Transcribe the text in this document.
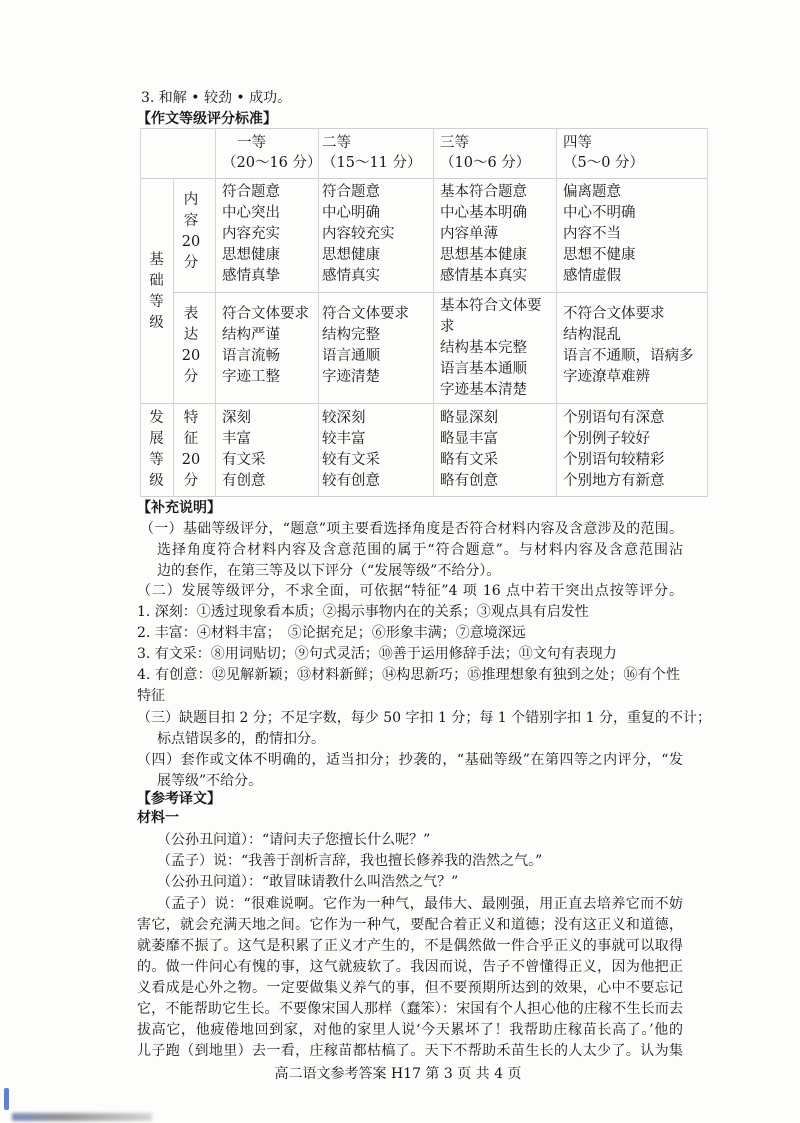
3. 和解 • 较劲 • 成功。
【作文等级评分标准】
一等
（20～16 分）
二等
（15～11 分）
三等
（10～6 分）
四等
（5～0 分）
基
础
等
级
内
容
20
分
符合题意
中心突出
内容充实
思想健康
感情真挚
符合题意
中心明确
内容较充实
思想健康
感情真实
基本符合题意
中心基本明确
内容单薄
思想基本健康
感情基本真实
偏离题意
中心不明确
内容不当
思想不健康
感情虚假
表
达
20
分
符合文体要求
结构严谨
语言流畅
字迹工整
符合文体要求
结构完整
语言通顺
字迹清楚
基本符合文体要求
结构基本完整
语言基本通顺
字迹基本清楚
不符合文体要求
结构混乱
语言不通顺，语病多
字迹潦草难辨
发
展
等
级
特
征
20
分
深刻
丰富
有文采
有创意
较深刻
较丰富
较有文采
较有创意
略显深刻
略显丰富
略有文采
略有创意
个别语句有深意
个别例子较好
个别语句较精彩
个别地方有新意
【补充说明】
（一）基础等级评分，“题意”项主要看选择角度是否符合材料内容及含意涉及的范围。
选择角度符合材料内容及含意范围的属于“符合题意”。与材料内容及含意范围沾
边的套作，在第三等及以下评分（“发展等级”不给分）。
（二）发展等级评分，不求全面，可依据“特征”4 项 16 点中若干突出点按等评分。
1. 深刻：①透过现象看本质；②揭示事物内在的关系；③观点具有启发性
2. 丰富：④材料丰富；　⑤论据充足；⑥形象丰满；⑦意境深远
3. 有文采：⑧用词贴切；⑨句式灵活；⑩善于运用修辞手法；⑪文句有表现力
4. 有创意：⑫见解新颖；⑬材料新鲜；⑭构思新巧；⑮推理想象有独到之处；⑯有个性
特征
（三）缺题目扣 2 分；不足字数，每少 50 字扣 1 分；每 1 个错别字扣 1 分，重复的不计；
标点错误多的，酌情扣分。
（四）套作或文体不明确的，适当扣分；抄袭的，“基础等级”在第四等之内评分，“发
展等级”不给分。
【参考译文】
材料一
（公孙丑问道）：“请问夫子您擅长什么呢？”
（孟子）说：“我善于剖析言辞，我也擅长修养我的浩然之气。”
（公孙丑问道）：“敢冒昧请教什么叫浩然之气？”
（孟子）说：“很难说啊。它作为一种气，最伟大、最刚强，用正直去培养它而不妨
害它，就会充满天地之间。它作为一种气，要配合着正义和道德；没有这正义和道德，
就萎靡不振了。这气是积累了正义才产生的，不是偶然做一件合乎正义的事就可以取得
的。做一件问心有愧的事，这气就疲软了。我因而说，告子不曾懂得正义，因为他把正
义看成是心外之物。一定要做集义养气的事，但不要预期所达到的效果，心中不要忘记
它，不能帮助它生长。不要像宋国人那样（蠢笨）：宋国有个人担心他的庄稼不生长而去
拔高它，他疲倦地回到家，对他的家里人说‘今天累坏了！我帮助庄稼苗长高了。’他的
儿子跑（到地里）去一看，庄稼苗都枯槁了。天下不帮助禾苗生长的人太少了。认为集
高二语文参考答案 H17 第 3 页 共 4 页
